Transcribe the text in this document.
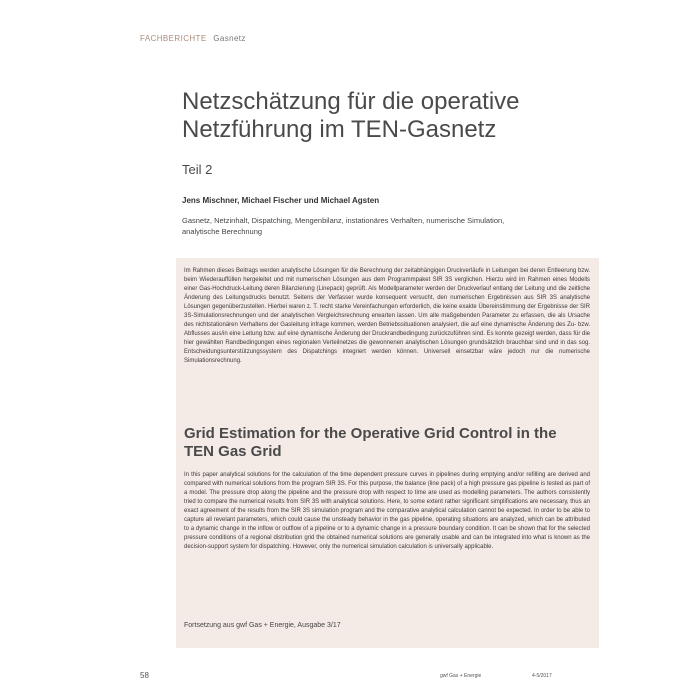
FACHBERICHTE Gasnetz
Netzschätzung für die operative Netzführung im TEN-Gasnetz
Teil 2
Jens Mischner, Michael Fischer und Michael Agsten
Gasnetz, Netzinhalt, Dispatching, Mengenbilanz, instationäres Verhalten, numerische Simulation, analytische Berechnung

Im Rahmen dieses Beitrags werden analytische Lösungen für die Berechnung der zeitabhängigen Druckverläufe in Leitungen bei deren Entleerung bzw. beim Wiederauffüllen hergeleitet und mit numerischen Lösungen aus dem Programmpaket SIR 3S verglichen. Hierzu wird im Rahmen eines Modells einer Gas-Hochdruck-Leitung deren Bilanzierung (Linepack) geprüft. Als Modellparameter werden der Druckverlauf entlang der Leitung und die zeitliche Änderung des Leitungsdrucks benutzt. Seitens der Verfasser wurde konsequent versucht, den numerischen Ergebnissen aus SIR 3S analytische Lösungen gegenüberzustellen. Hierbei waren z. T. recht starke Vereinfachungen erforderlich, die keine exakte Übereinstimmung der Ergebnisse der SIR 3S-Simulationsrechnungen und der analytischen Vergleichsrechnung erwarten lassen. Um alle maßgebenden Parameter zu erfassen, die als Ursache des nichtstationären Verhaltens der Gasleitung infrage kommen, werden Betriebssituationen analysiert, die auf eine dynamische Änderung des Zu- bzw. Abflusses aus/in eine Leitung bzw. auf eine dynamische Änderung der Druckrandbedingung zurückzuführen sind. Es konnte gezeigt werden, dass für die hier gewählten Randbedingungen eines regionalen Verteilnetzes die gewonnenen analytischen Lösungen grundsätzlich brauchbar sind und in das sog. Entscheidungsunterstützungssystem des Dispatchings integriert werden können. Universell einsetzbar wäre jedoch nur die numerische Simulationsrechnung.

Grid Estimation for the Operative Grid Control in the TEN Gas Grid

In this paper analytical solutions for the calculation of the time dependent pressure curves in pipelines during emptying and/or refilling are derived and compared with numerical solutions from the program SIR 3S. For this purpose, the balance (line pack) of a high pressure gas pipeline is tested as part of a model. The pressure drop along the pipeline and the pressure drop with respect to time are used as modelling parameters. The authors consistently tried to compare the numerical results from SIR 3S with analytical solutions. Here, to some extent rather significant simplifications are necessary, thus an exact agreement of the results from the SIR 3S simulation program and the comparative analytical calculation cannot be expected. In order to be able to capture all revelant parameters, which could cause the unsteady behavior in the gas pipeline, operating situations are analyzed, which can be attributed to a dynamic change in the inflow or outflow of a pipeline or to a dynamic change in a pressure boundary condition. It can be shown that for the selected pressure conditions of a regional distribution grid the obtained numerical solutions are generally usable and can be integrated into what is known as the decision-support system for dispatching. However, only the numerical simulation calculation is universally applicable.

Fortsetzung aus gwf Gas + Energie, Ausgabe 3/17
58	gwf Gas + Energie	4-5/2017
